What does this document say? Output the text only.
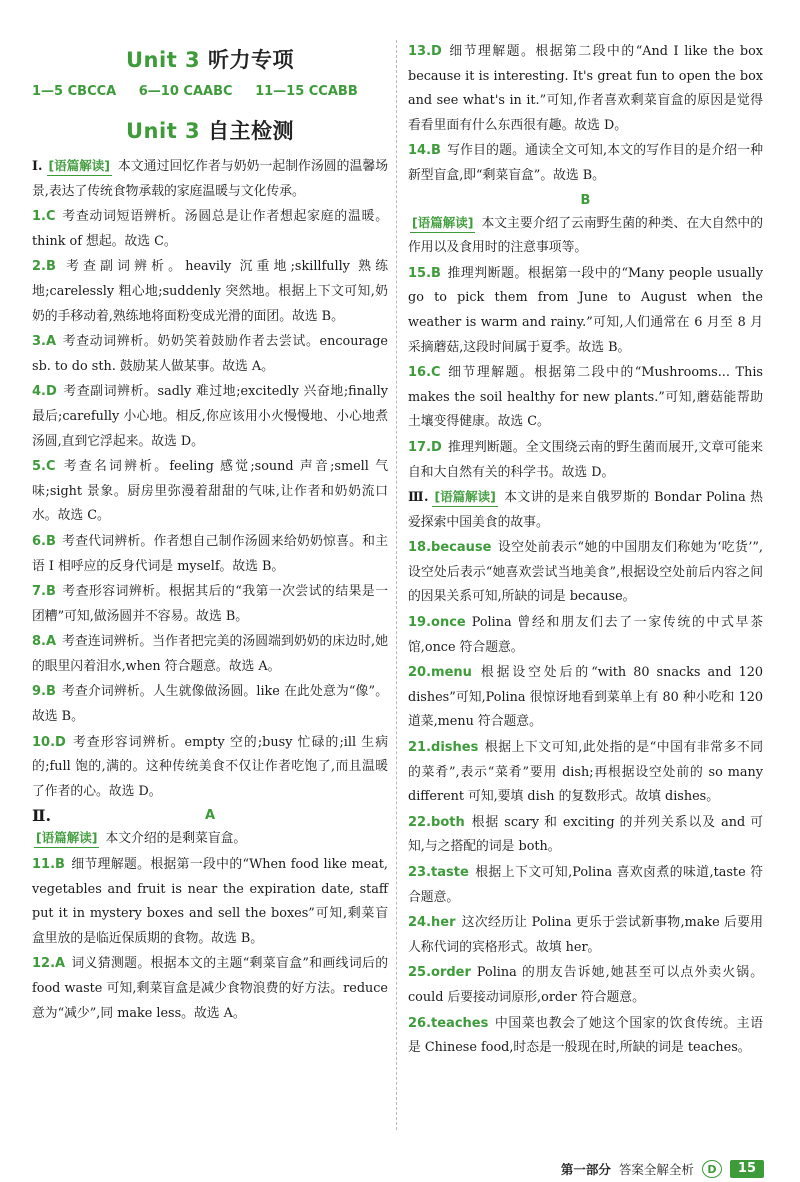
Unit 3 听力专项
1—5 CBCCA 6—10 CAABC 11—15 CCABB
Unit 3 自主检测

Ⅰ. [语篇解读] 本文通过回忆作者与奶奶一起制作汤圆的温馨场景,表达了传统食物承载的家庭温暖与文化传承。

1.C 考查动词短语辨析。汤圆总是让作者想起家庭的温暖。think of 想起。故选 C。

2.B 考查副词辨析。heavily 沉重地;skillfully 熟练地;carelessly 粗心地;suddenly 突然地。根据上下文可知,奶奶的手移动着,熟练地将面粉变成光滑的面团。故选 B。

3.A 考查动词辨析。奶奶笑着鼓励作者去尝试。encourage sb. to do sth. 鼓励某人做某事。故选 A。

4.D 考查副词辨析。sadly 难过地;excitedly 兴奋地;finally 最后;carefully 小心地。相反,你应该用小火慢慢地、小心地煮汤圆,直到它浮起来。故选 D。

5.C 考查名词辨析。feeling 感觉;sound 声音;smell 气味;sight 景象。厨房里弥漫着甜甜的气味,让作者和奶奶流口水。故选 C。

6.B 考查代词辨析。作者想自己制作汤圆来给奶奶惊喜。和主语 I 相呼应的反身代词是 myself。故选 B。

7.B 考查形容词辨析。根据其后的“我第一次尝试的结果是一团糟”可知,做汤圆并不容易。故选 B。

8.A 考查连词辨析。当作者把完美的汤圆端到奶奶的床边时,她的眼里闪着泪水,when 符合题意。故选 A。

9.B 考查介词辨析。人生就像做汤圆。like 在此处意为“像”。故选 B。

10.D 考查形容词辨析。empty 空的;busy 忙碌的;ill 生病的;full 饱的,满的。这种传统美食不仅让作者吃饱了,而且温暖了作者的心。故选 D。

Ⅱ.	A

[语篇解读] 本文介绍的是剩菜盲盒。

11.B 细节理解题。根据第一段中的“When food like meat, vegetables and fruit is near the expiration date, staff put it in mystery boxes and sell the boxes”可知,剩菜盲盒里放的是临近保质期的食物。故选 B。

12.A 词义猜测题。根据本文的主题“剩菜盲盒”和画线词后的 food waste 可知,剩菜盲盒是减少食物浪费的好方法。reduce 意为“减少”,同 make less。故选 A。

13.D 细节理解题。根据第二段中的“And I like the box because it is interesting. It's great fun to open the box and see what's in it.”可知,作者喜欢剩菜盲盒的原因是觉得看看里面有什么东西很有趣。故选 D。

14.B 写作目的题。通读全文可知,本文的写作目的是介绍一种新型盲盒,即“剩菜盲盒”。故选 B。

B

[语篇解读] 本文主要介绍了云南野生菌的种类、在大自然中的作用以及食用时的注意事项等。

15.B 推理判断题。根据第一段中的“Many people usually go to pick them from June to August when the weather is warm and rainy.”可知,人们通常在 6 月至 8 月采摘蘑菇,这段时间属于夏季。故选 B。

16.C 细节理解题。根据第二段中的“Mushrooms... This makes the soil healthy for new plants.”可知,蘑菇能帮助土壤变得健康。故选 C。

17.D 推理判断题。全文围绕云南的野生菌而展开,文章可能来自和大自然有关的科学书。故选 D。

Ⅲ. [语篇解读] 本文讲的是来自俄罗斯的 Bondar Polina 热爱探索中国美食的故事。

18.because 设空处前表示“她的中国朋友们称她为‘吃货’”,设空处后表示“她喜欢尝试当地美食”,根据设空处前后内容之间的因果关系可知,所缺的词是 because。

19.once Polina 曾经和朋友们去了一家传统的中式早茶馆,once 符合题意。

20.menu 根据设空处后的“with 80 snacks and 120 dishes”可知,Polina 很惊讶地看到菜单上有 80 种小吃和 120 道菜,menu 符合题意。

21.dishes 根据上下文可知,此处指的是“中国有非常多不同的菜肴”,表示“菜肴”要用 dish;再根据设空处前的 so many different 可知,要填 dish 的复数形式。故填 dishes。

22.both 根据 scary 和 exciting 的并列关系以及 and 可知,与之搭配的词是 both。

23.taste 根据上下文可知,Polina 喜欢卤煮的味道,taste 符合题意。

24.her 这次经历让 Polina 更乐于尝试新事物,make 后要用人称代词的宾格形式。故填 her。

25.order Polina 的朋友告诉她,她甚至可以点外卖火锅。could 后要接动词原形,order 符合题意。

26.teaches 中国菜也教会了她这个国家的饮食传统。主语是 Chinese food,时态是一般现在时,所缺的词是 teaches。

第一部分 答案全解全析	D	15
